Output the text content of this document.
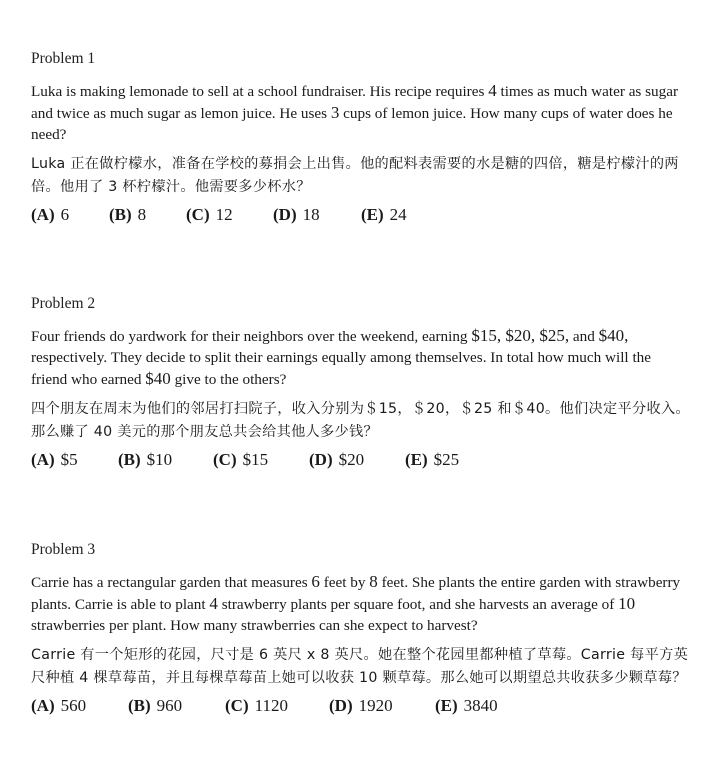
Problem 1

Luka is making lemonade to sell at a school fundraiser. His recipe requires 4 times as much water as sugar and twice as much sugar as lemon juice. He uses 3 cups of lemon juice. How many cups of water does he need?

Luka 正在做柠檬水，准备在学校的募捐会上出售。他的配料表需要的水是糖的四倍，糖是柠檬汁的两倍。他用了 3 杯柠檬汁。他需要多少杯水？

(A) 6	(B) 8	(C) 12	(D) 18	(E) 24

Problem 2

Four friends do yardwork for their neighbors over the weekend, earning $15, $20, $25, and $40, respectively. They decide to split their earnings equally among themselves. In total how much will the friend who earned $40 give to the others?

四个朋友在周末为他们的邻居打扫院子，收入分别为＄15，＄20，＄25 和＄40。他们决定平分收入。那么赚了 40 美元的那个朋友总共会给其他人多少钱？

(A) $5	(B) $10	(C) $15	(D) $20	(E) $25

Problem 3

Carrie has a rectangular garden that measures 6 feet by 8 feet. She plants the entire garden with strawberry plants. Carrie is able to plant 4 strawberry plants per square foot, and she harvests an average of 10 strawberries per plant. How many strawberries can she expect to harvest?

Carrie 有一个矩形的花园，尺寸是 6 英尺 x 8 英尺。她在整个花园里都种植了草莓。Carrie 每平方英尺种植 4 棵草莓苗，并且每棵草莓苗上她可以收获 10 颗草莓。那么她可以期望总共收获多少颗草莓？

(A) 560	(B) 960	(C) 1120	(D) 1920	(E) 3840
